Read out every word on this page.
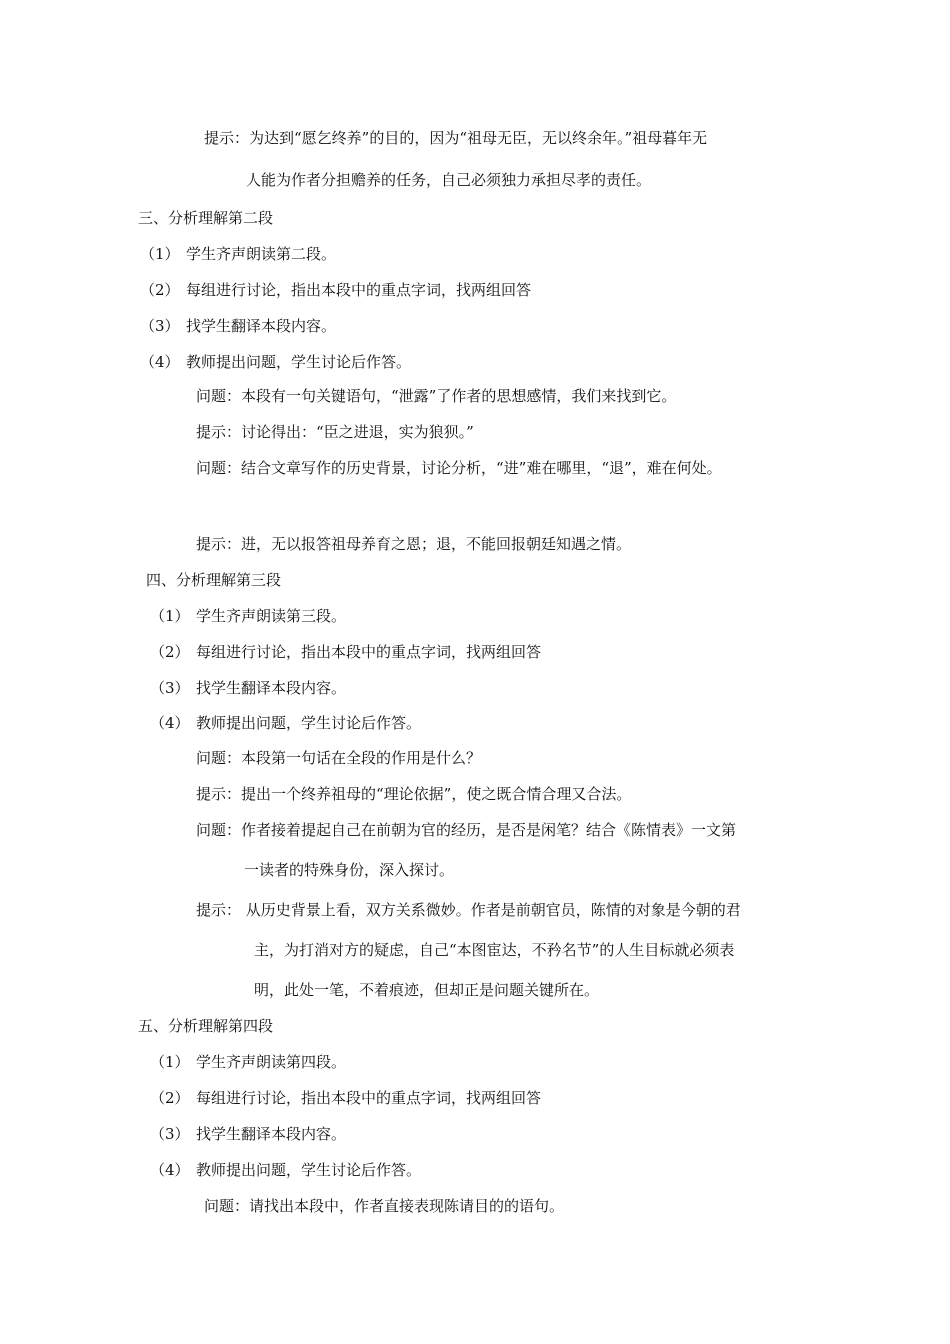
提示：为达到“愿乞终养”的目的，因为“祖母无臣，无以终余年。”祖母暮年无
人能为作者分担赡养的任务，自己必须独力承担尽孝的责任。
三、分析理解第二段
（1） 学生齐声朗读第二段。
（2） 每组进行讨论，指出本段中的重点字词，找两组回答
（3） 找学生翻译本段内容。
（4） 教师提出问题，学生讨论后作答。
问题：本段有一句关键语句，“泄露”了作者的思想感情，我们来找到它。
提示：讨论得出：“臣之进退，实为狼狈。”
问题：结合文章写作的历史背景，讨论分析，“进”难在哪里，“退”，难在何处。
提示：进，无以报答祖母养育之恩；退，不能回报朝廷知遇之情。
四、分析理解第三段
（1） 学生齐声朗读第三段。
（2） 每组进行讨论，指出本段中的重点字词，找两组回答
（3） 找学生翻译本段内容。
（4） 教师提出问题，学生讨论后作答。
问题：本段第一句话在全段的作用是什么？
提示：提出一个终养祖母的“理论依据”，使之既合情合理又合法。
问题：作者接着提起自己在前朝为官的经历，是否是闲笔？结合《陈情表》一文第
一读者的特殊身份，深入探讨。
提示： 从历史背景上看，双方关系微妙。作者是前朝官员，陈情的对象是今朝的君
主，为打消对方的疑虑，自己“本图宦达，不矜名节”的人生目标就必须表
明，此处一笔，不着痕迹，但却正是问题关键所在。
五、分析理解第四段
（1） 学生齐声朗读第四段。
（2） 每组进行讨论，指出本段中的重点字词，找两组回答
（3） 找学生翻译本段内容。
（4） 教师提出问题，学生讨论后作答。
问题：请找出本段中，作者直接表现陈请目的的语句。
